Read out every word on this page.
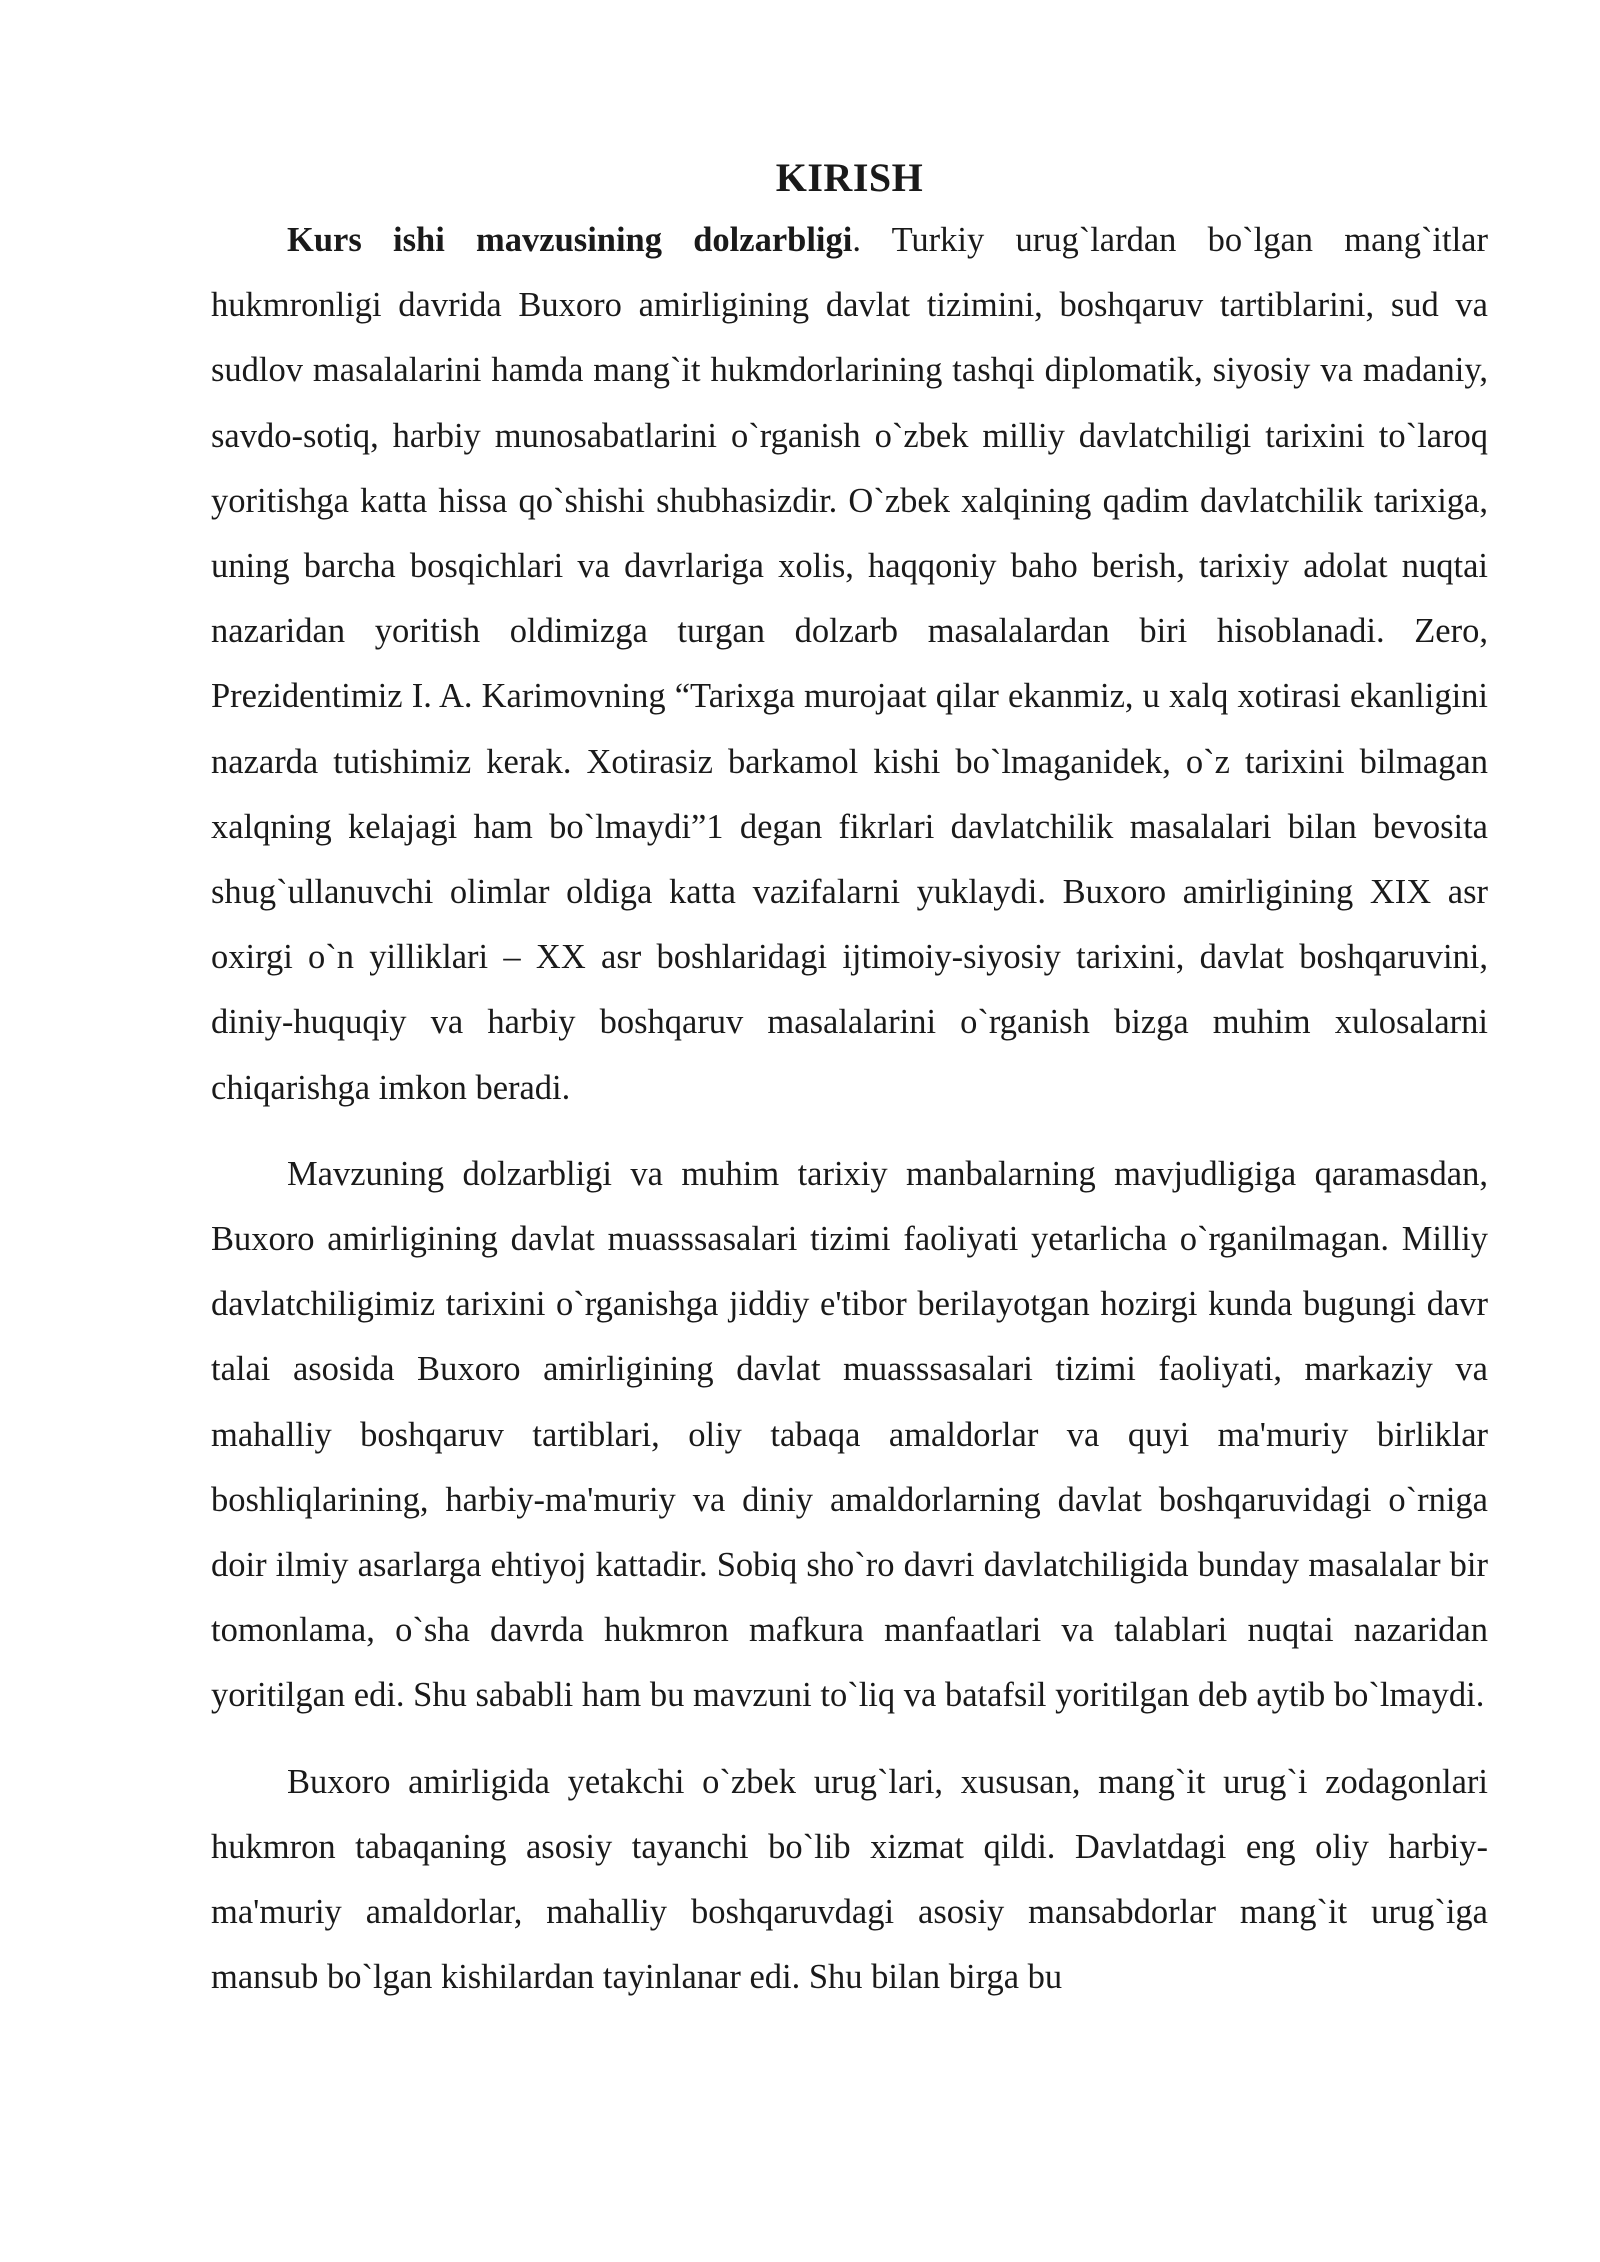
KIRISH

Kurs ishi mavzusining dolzarbligi. Turkiy urug`lardan bo`lgan mang`itlar hukmronligi davrida Buxoro amirligining davlat tizimini, boshqaruv tartiblarini, sud va sudlov masalalarini hamda mang`it hukmdorlarining tashqi diplomatik, siyosiy va madaniy, savdo-sotiq, harbiy munosabatlarini o`rganish o`zbek milliy davlatchiligi tarixini to`laroq yoritishga katta hissa qo`shishi shubhasizdir. O`zbek xalqining qadim davlatchilik tarixiga, uning barcha bosqichlari va davrlariga xolis, haqqoniy baho berish, tarixiy adolat nuqtai nazaridan yoritish oldimizga turgan dolzarb masalalardan biri hisoblanadi. Zero, Prezidentimiz I. A. Karimovning “Tarixga murojaat qilar ekanmiz, u xalq xotirasi ekanligini nazarda tutishimiz kerak. Xotirasiz barkamol kishi bo`lmaganidek, o`z tarixini bilmagan xalqning kelajagi ham bo`lmaydi”1 degan fikrlari davlatchilik masalalari bilan bevosita shug`ullanuvchi olimlar oldiga katta vazifalarni yuklaydi. Buxoro amirligining XIX asr oxirgi o`n yilliklari – XX asr boshlaridagi ijtimoiy-siyosiy tarixini, davlat boshqaruvini, diniy-huquqiy va harbiy boshqaruv masalalarini o`rganish bizga muhim xulosalarni chiqarishga imkon beradi.

Mavzuning dolzarbligi va muhim tarixiy manbalarning mavjudligiga qaramasdan, Buxoro amirligining davlat muasssasalari tizimi faoliyati yetarlicha o`rganilmagan. Milliy davlatchiligimiz tarixini o`rganishga jiddiy e'tibor berilayotgan hozirgi kunda bugungi davr talai asosida Buxoro amirligining davlat muasssasalari tizimi faoliyati, markaziy va mahalliy boshqaruv tartiblari, oliy tabaqa amaldorlar va quyi ma'muriy birliklar boshliqlarining, harbiy-ma'muriy va diniy amaldorlarning davlat boshqaruvidagi o`rniga doir ilmiy asarlarga ehtiyoj kattadir. Sobiq sho`ro davri davlatchiligida bunday masalalar bir tomonlama, o`sha davrda hukmron mafkura manfaatlari va talablari nuqtai nazaridan yoritilgan edi. Shu sababli ham bu mavzuni to`liq va batafsil yoritilgan deb aytib bo`lmaydi.

Buxoro amirligida yetakchi o`zbek urug`lari, xususan, mang`it urug`i zodagonlari hukmron tabaqaning asosiy tayanchi bo`lib xizmat qildi. Davlatdagi eng oliy harbiy-ma'muriy amaldorlar, mahalliy boshqaruvdagi asosiy mansabdorlar mang`it urug`iga mansub bo`lgan kishilardan tayinlanar edi. Shu bilan birga bu
